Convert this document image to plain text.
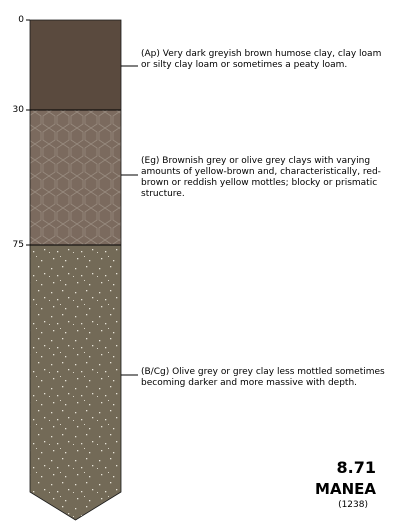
0
30
75
(Ap) Very dark greyish brown humose clay, clay loam or silty clay loam or sometimes a peaty loam.
(Eg) Brownish grey or olive grey clays with varying amounts of yellow-brown and, characteristically, red-brown or reddish yellow mottles; blocky or prismatic structure.
(B/Cg) Olive grey or grey clay less mottled sometimes becoming darker and more massive with depth.
8.71
MANEA
(1238)
